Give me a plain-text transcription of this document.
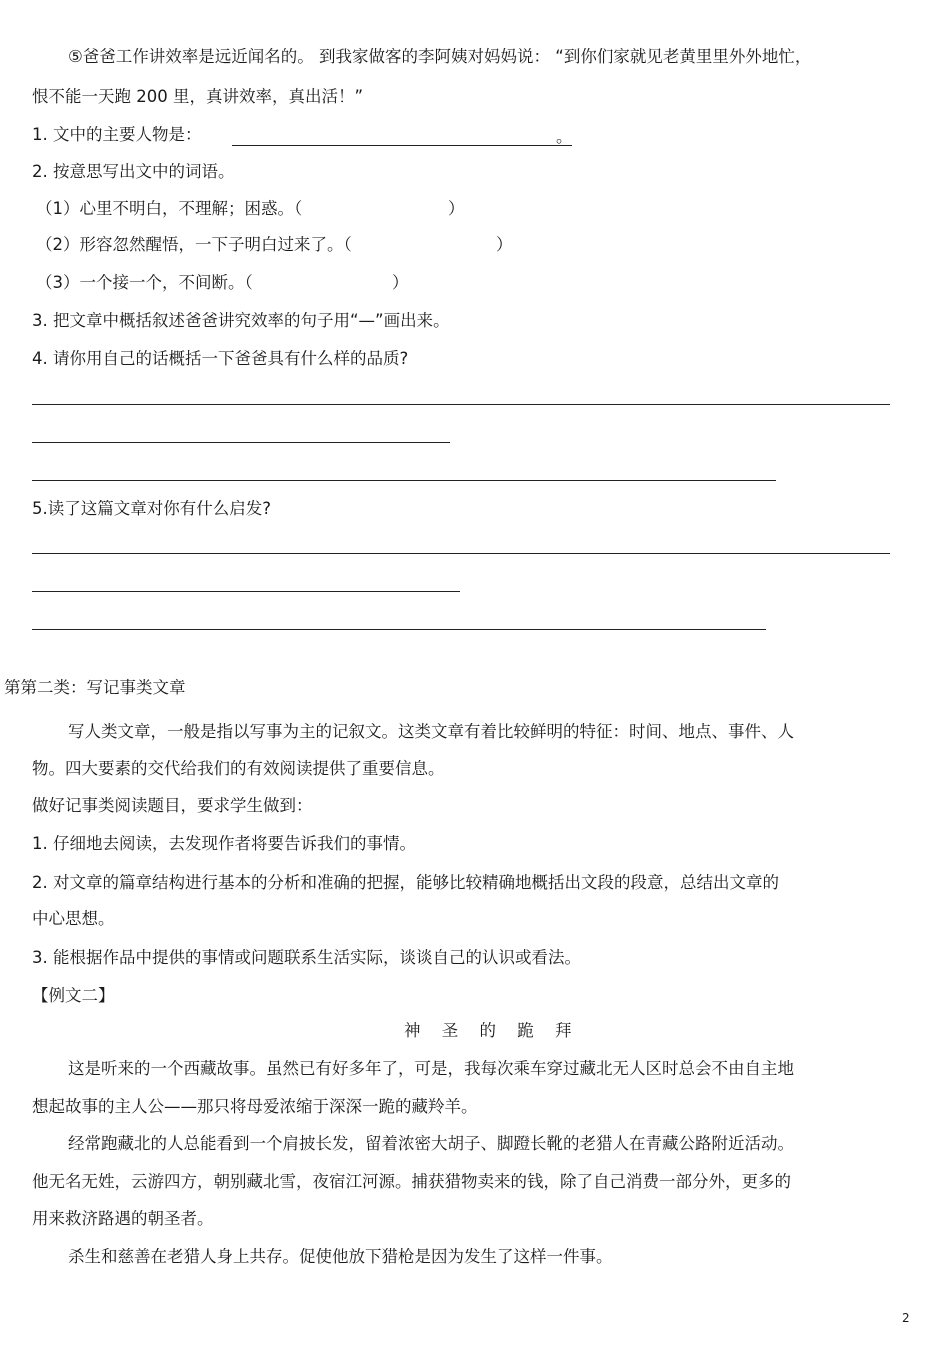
⑤爸爸工作讲效率是远近闻名的。 到我家做客的李阿姨对妈妈说： “到你们家就见老黄里里外外地忙，
恨不能一天跑 200 里，真讲效率，真出活！”
1. 文中的主要人物是：	。
2. 按意思写出文中的词语。
（1）心里不明白，不理解；困惑。（	）
（2）形容忽然醒悟，一下子明白过来了。（	）
（3）一个接一个，不间断。（	）
3. 把文章中概括叙述爸爸讲究效率的句子用“—”画出来。
4. 请你用自己的话概括一下爸爸具有什么样的品质?
5.读了这篇文章对你有什么启发?
第第二类：写记事类文章
写人类文章，一般是指以写事为主的记叙文。这类文章有着比较鲜明的特征：时间、地点、事件、人
物。四大要素的交代给我们的有效阅读提供了重要信息。
做好记事类阅读题目，要求学生做到：
1. 仔细地去阅读，去发现作者将要告诉我们的事情。
2. 对文章的篇章结构进行基本的分析和准确的把握，能够比较精确地概括出文段的段意，总结出文章的
中心思想。
3. 能根据作品中提供的事情或问题联系生活实际，谈谈自己的认识或看法。
【例文二】
神 圣 的 跪 拜
这是听来的一个西藏故事。虽然已有好多年了，可是，我每次乘车穿过藏北无人区时总会不由自主地
想起故事的主人公——那只将母爱浓缩于深深一跪的藏羚羊。
经常跑藏北的人总能看到一个肩披长发，留着浓密大胡子、脚蹬长靴的老猎人在青藏公路附近活动。
他无名无姓，云游四方，朝别藏北雪，夜宿江河源。捕获猎物卖来的钱，除了自己消费一部分外，更多的
用来救济路遇的朝圣者。
杀生和慈善在老猎人身上共存。促使他放下猎枪是因为发生了这样一件事。
2
